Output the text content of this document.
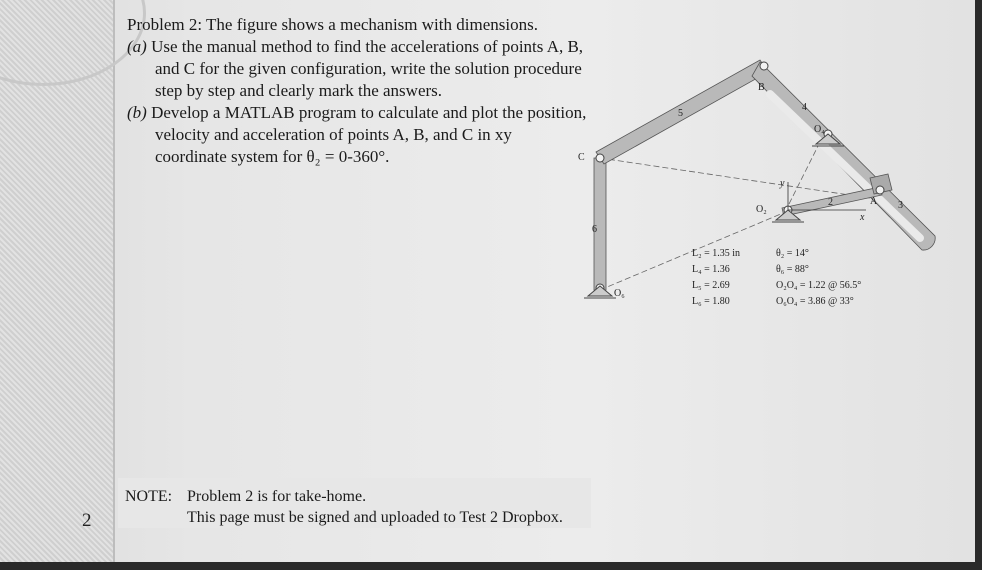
Problem 2: The figure shows a mechanism with dimensions.

(a) Use the manual method to find the accelerations of points A, B, and C for the given configuration, write the solution procedure step by step and clearly mark the answers.

(b) Develop a MATLAB program to calculate and plot the position, velocity and acceleration of points A, B, and C in xy coordinate system for θ₂ = 0-360°.

B
C
O₄
O₂
O₆
2	3
4
5
6
A
x
y
L₂ = 1.35 in
L₄ = 1.36
L₅ = 2.69
L₆ = 1.80
θ₂ = 14°
θ₆ = 88°
O₂O₄ = 1.22 @ 56.5°
O₆O₄ = 3.86 @ 33°
NOTE: Problem 2 is for take-home.
This page must be signed and uploaded to Test 2 Dropbox.
2
